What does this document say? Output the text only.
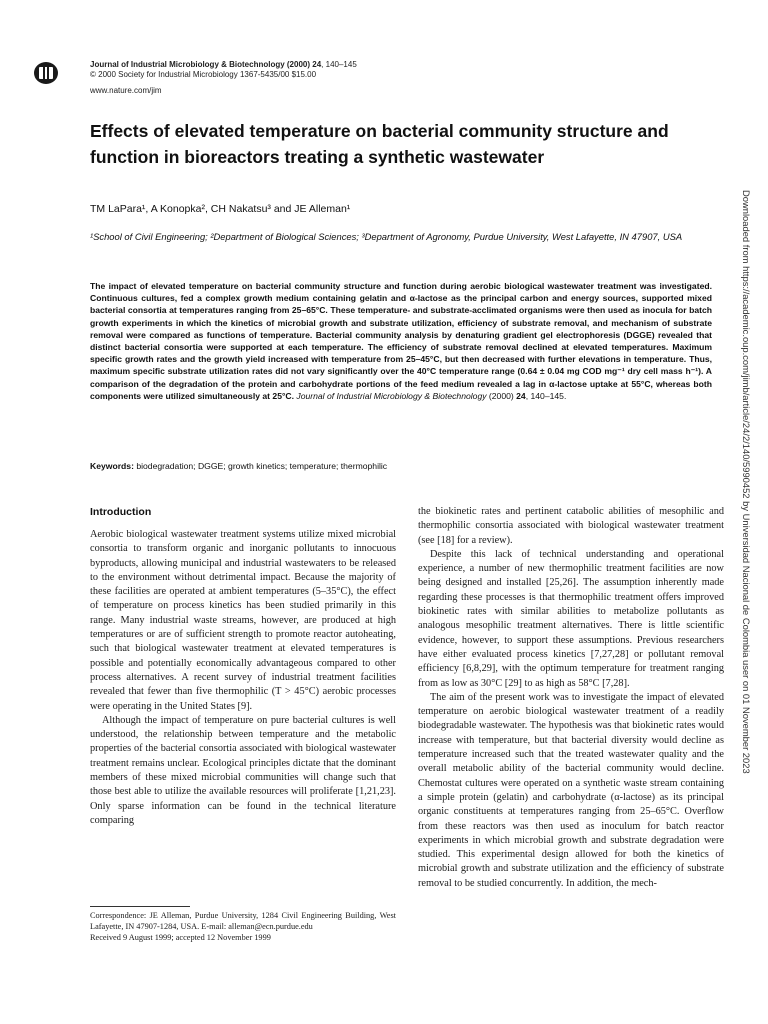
Journal of Industrial Microbiology & Biotechnology (2000) 24, 140–145
© 2000 Society for Industrial Microbiology 1367-5435/00 $15.00
www.nature.com/jim
Effects of elevated temperature on bacterial community structure and function in bioreactors treating a synthetic wastewater
TM LaPara¹, A Konopka², CH Nakatsu³ and JE Alleman¹
¹School of Civil Engineering; ²Department of Biological Sciences; ³Department of Agronomy, Purdue University, West Lafayette, IN 47907, USA

The impact of elevated temperature on bacterial community structure and function during aerobic biological wastewater treatment was investigated. Continuous cultures, fed a complex growth medium containing gelatin and α-lactose as the principal carbon and energy sources, supported mixed bacterial consortia at temperatures ranging from 25–65°C. These temperature- and substrate-acclimated organisms were then used as inocula for batch growth experiments in which the kinetics of microbial growth and substrate utilization, efficiency of substrate removal, and mechanism of substrate removal were compared as functions of temperature. Bacterial community analysis by denaturing gradient gel electrophoresis (DGGE) revealed that distinct bacterial consortia were supported at each temperature. The efficiency of substrate removal declined at elevated temperatures. Maximum specific growth rates and the growth yield increased with temperature from 25–45°C, but then decreased with further elevations in temperature. Thus, maximum specific substrate utilization rates did not vary significantly over the 40°C temperature range (0.64 ± 0.04 mg COD mg⁻¹ dry cell mass h⁻¹). A comparison of the degradation of the protein and carbohydrate portions of the feed medium revealed a lag in α-lactose uptake at 55°C, whereas both components were utilized simultaneously at 25°C. Journal of Industrial Microbiology & Biotechnology (2000) 24, 140–145.

Keywords: biodegradation; DGGE; growth kinetics; temperature; thermophilic
Introduction

Aerobic biological wastewater treatment systems utilize mixed microbial consortia to transform organic and inorganic pollutants to innocuous byproducts, allowing municipal and industrial wastewaters to be released to the environment without detrimental impact. Because the majority of these facilities are operated at ambient temperatures (5–35°C), the effect of temperature on process kinetics has been studied primarily in this range. Many industrial waste streams, however, are produced at high temperatures or are of sufficient strength to promote reactor autoheating, such that biological wastewater treatment at elevated temperatures is possible and potentially economically advantageous compared to other process alternatives. A recent survey of industrial treatment facilities revealed that fewer than five thermophilic (T > 45°C) aerobic processes were operating in the United States [9].

Although the impact of temperature on pure bacterial cultures is well understood, the relationship between temperature and the metabolic properties of the bacterial consortia associated with biological wastewater treatment remains unclear. Ecological principles dictate that the dominant members of these mixed microbial communities will change such that those best able to utilize the available resources will proliferate [1,21,23]. Only sparse information can be found in the technical literature comparing

the biokinetic rates and pertinent catabolic abilities of mesophilic and thermophilic consortia associated with biological wastewater treatment (see [18] for a review).

Despite this lack of technical understanding and operational experience, a number of new thermophilic treatment facilities are now being designed and installed [25,26]. The assumption inherently made regarding these processes is that thermophilic treatment offers improved biokinetic rates with similar abilities to metabolize pollutants as analogous mesophilic treatment alternatives. There is little scientific evidence, however, to support these assumptions. Previous researchers have either evaluated process kinetics [7,27,28] or pollutant removal efficiency [6,8,29], with the optimum temperature for treatment ranging from as low as 30°C [29] to as high as 58°C [7,28].

The aim of the present work was to investigate the impact of elevated temperature on aerobic biological wastewater treatment of a readily biodegradable wastewater. The hypothesis was that biokinetic rates would increase with temperature, but that bacterial diversity would decline as temperature increased such that the treated wastewater quality and the overall metabolic ability of the bacterial community would decline. Chemostat cultures were operated on a synthetic waste stream containing a simple protein (gelatin) and carbohydrate (α-lactose) as its principal organic constituents at temperatures ranging from 25–65°C. Overflow from these reactors was then used as inoculum for batch reactor experiments in which microbial growth and substrate degradation were studied. This experimental design allowed for both the kinetics of microbial growth and substrate utilization and the efficiency of substrate removal to be studied concurrently. In addition, the mech-

Correspondence: JE Alleman, Purdue University, 1284 Civil Engineering Building, West Lafayette, IN 47907-1284, USA. E-mail: alleman@ecn.purdue.edu
Received 9 August 1999; accepted 12 November 1999
Downloaded from https://academic.oup.com/jimb/article/24/2/140/5990452 by Universidad Nacional de Colombia user on 01 November 2023
